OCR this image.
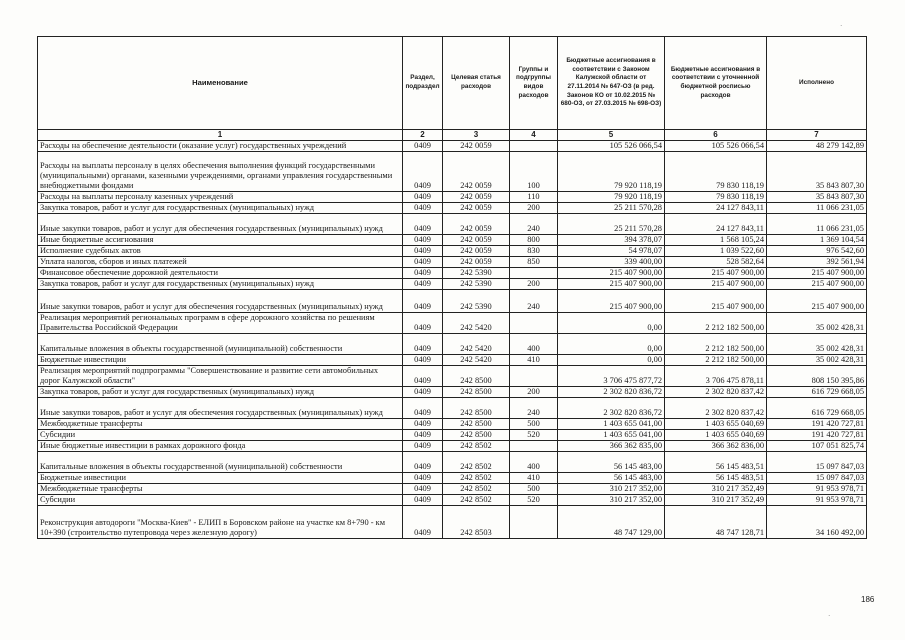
Наименование	Раздел, подраздел	Целевая статья расходов	Группы и подгруппы видов расходов	Бюджетные ассигнования в соответствии с Законом Калужской области от 27.11.2014 № 647-ОЗ (в ред. Законов КО от 10.02.2015 № 680-ОЗ, от 27.03.2015 № 698-ОЗ)	Бюджетные ассигнования в соответствии с уточненной бюджетной росписью расходов	Исполнено
1	2	3	4	5	6	7
Расходы на обеспечение деятельности (оказание услуг) государственных учреждений	0409	242 0059		105 526 066,54	105 526 066,54	48 279 142,89
Расходы на выплаты персоналу в целях обеспечения выполнения функций государственными (муниципальными) органами, казенными учреждениями, органами управления государственными внебюджетными фондами	0409	242 0059	100	79 920 118,19	79 830 118,19	35 843 807,30
Расходы на выплаты персоналу казенных учреждений	0409	242 0059	110	79 920 118,19	79 830 118,19	35 843 807,30
Закупка товаров, работ и услуг для государственных (муниципальных) нужд	0409	242 0059	200	25 211 570,28	24 127 843,11	11 066 231,05
Иные закупки товаров, работ и услуг для обеспечения государственных (муниципальных) нужд	0409	242 0059	240	25 211 570,28	24 127 843,11	11 066 231,05
Иные бюджетные ассигнования	0409	242 0059	800	394 378,07	1 568 105,24	1 369 104,54
Исполнение судебных актов	0409	242 0059	830	54 978,07	1 039 522,60	976 542,60
Уплата налогов, сборов и иных платежей	0409	242 0059	850	339 400,00	528 582,64	392 561,94
Финансовое обеспечение дорожной деятельности	0409	242 5390		215 407 900,00	215 407 900,00	215 407 900,00
Закупка товаров, работ и услуг для государственных (муниципальных) нужд	0409	242 5390	200	215 407 900,00	215 407 900,00	215 407 900,00
Иные закупки товаров, работ и услуг для обеспечения государственных (муниципальных) нужд	0409	242 5390	240	215 407 900,00	215 407 900,00	215 407 900,00
Реализация мероприятий региональных программ в сфере дорожного хозяйства по решениям Правительства Российской Федерации	0409	242 5420		0,00	2 212 182 500,00	35 002 428,31
Капитальные вложения в объекты государственной (муниципальной) собственности	0409	242 5420	400	0,00	2 212 182 500,00	35 002 428,31
Бюджетные инвестиции	0409	242 5420	410	0,00	2 212 182 500,00	35 002 428,31
Реализация мероприятий подпрограммы "Совершенствование и развитие сети автомобильных дорог Калужской области"	0409	242 8500		3 706 475 877,72	3 706 475 878,11	808 150 395,86
Закупка товаров, работ и услуг для государственных (муниципальных) нужд	0409	242 8500	200	2 302 820 836,72	2 302 820 837,42	616 729 668,05
Иные закупки товаров, работ и услуг для обеспечения государственных (муниципальных) нужд	0409	242 8500	240	2 302 820 836,72	2 302 820 837,42	616 729 668,05
Межбюджетные трансферты	0409	242 8500	500	1 403 655 041,00	1 403 655 040,69	191 420 727,81
Субсидии	0409	242 8500	520	1 403 655 041,00	1 403 655 040,69	191 420 727,81
Иные бюджетные инвестиции в рамках дорожного фонда	0409	242 8502		366 362 835,00	366 362 836,00	107 051 825,74
Капитальные вложения в объекты государственной (муниципальной) собственности	0409	242 8502	400	56 145 483,00	56 145 483,51	15 097 847,03
Бюджетные инвестиции	0409	242 8502	410	56 145 483,00	56 145 483,51	15 097 847,03
Межбюджетные трансферты	0409	242 8502	500	310 217 352,00	310 217 352,49	91 953 978,71
Субсидии	0409	242 8502	520	310 217 352,00	310 217 352,49	91 953 978,71
Реконструкция автодороги "Москва-Киев" - ЕЛИП в Боровском районе на участке км 8+790 - км 10+390 (строительство путепровода через железную дорогу)	0409	242 8503		48 747 129,00	48 747 128,71	34 160 492,00
186
·
·
